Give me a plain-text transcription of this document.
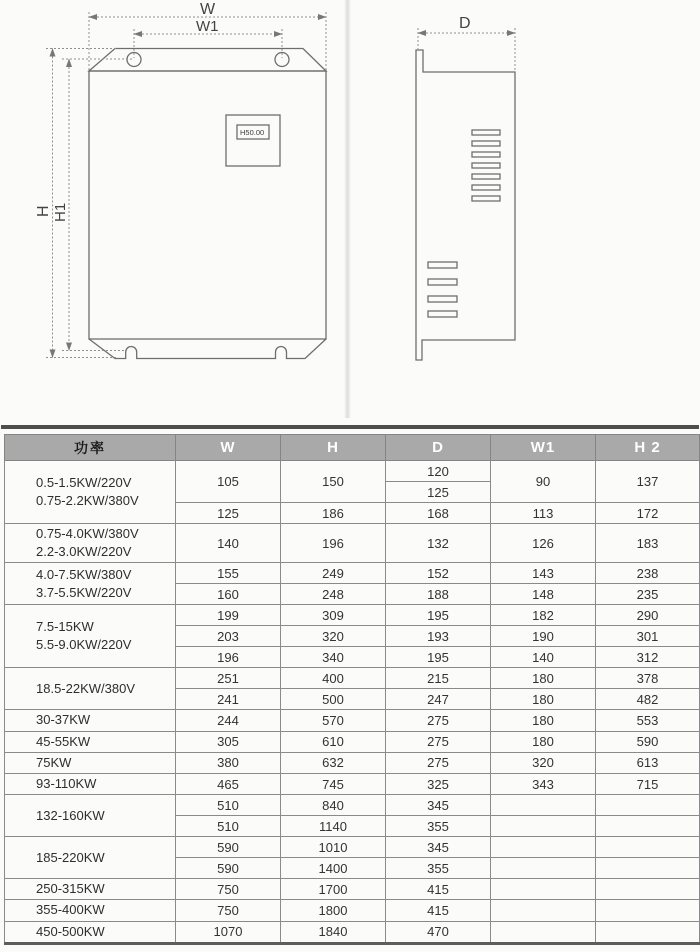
H50.00
W
W1
H H1
D
功率	W	H	D	W1	H 2

0.5-1.5KW/220V
0.75-2.2KW/380V	105	150	120	90	137
			125		
	125	186	168	113	172

0.75-4.0KW/380V
2.2-3.0KW/220V	140	196	132	126	183

4.0-7.5KW/380V
3.7-5.5KW/220V	155	249	152	143	238
	160	248	188	148	235

7.5-15KW
5.5-9.0KW/220V	199	309	195	182	290
	203	320	193	190	301
	196	340	195	140	312

18.5-22KW/380V	251	400	215	180	378
	241	500	247	180	482

30-37KW	244	570	275	180	553

45-55KW	305	610	275	180	590

75KW	380	632	275	320	613

93-110KW	465	745	325	343	715

132-160KW	510	840	345		
	510	1140	355		

185-220KW	590	1010	345		
	590	1400	355		

250-315KW	750	1700	415		

355-400KW	750	1800	415		

450-500KW	1070	1840	470		
